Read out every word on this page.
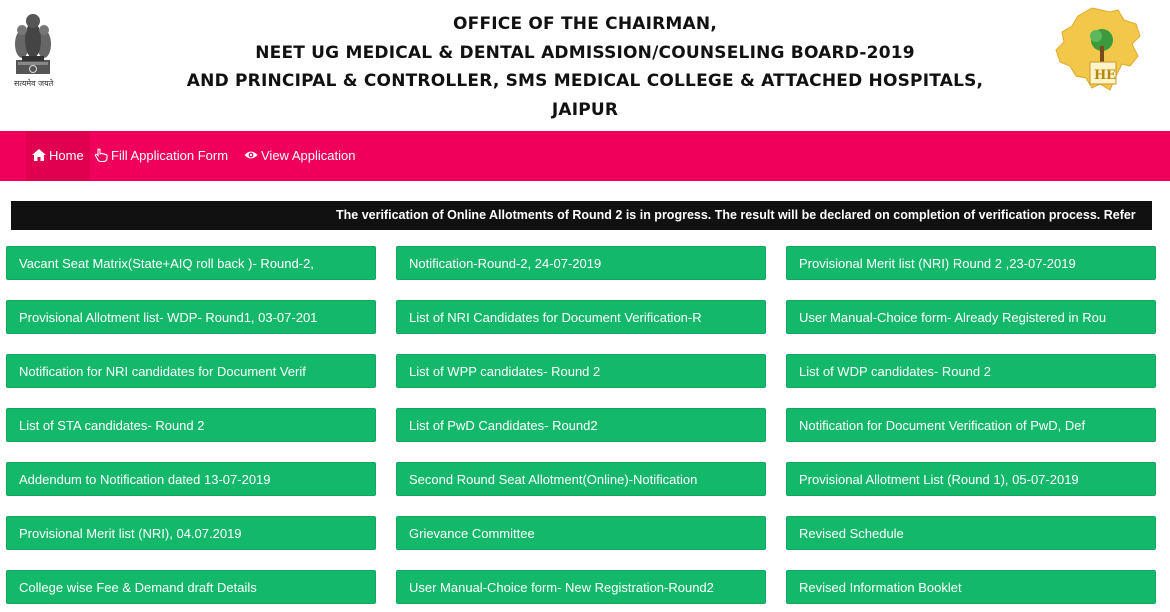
सत्यमेव जयते
OFFICE OF THE CHAIRMAN,
NEET UG MEDICAL & DENTAL ADMISSION/COUNSELING BOARD-2019
AND PRINCIPAL & CONTROLLER, SMS MEDICAL COLLEGE & ATTACHED HOSPITALS,
JAIPUR
H E
Home	Fill Application Form	View Application
The verification of Online Allotments of Round 2 is in progress. The result will be declared on completion of verification process. Refer
Vacant Seat Matrix(State+AIQ roll back )- Round-2,
Provisional Allotment list- WDP- Round1, 03-07-201
Notification for NRI candidates for Document Verif
List of STA candidates- Round 2
Addendum to Notification dated 13-07-2019
Provisional Merit list (NRI), 04.07.2019
College wise Fee & Demand draft Details
Notification-Round-2, 24-07-2019
List of NRI Candidates for Document Verification-R
List of WPP candidates- Round 2
List of PwD Candidates- Round2
Second Round Seat Allotment(Online)-Notification
Grievance Committee
User Manual-Choice form- New Registration-Round2
Provisional Merit list (NRI) Round 2 ,23-07-2019
User Manual-Choice form- Already Registered in Rou
List of WDP candidates- Round 2
Notification for Document Verification of PwD, Def
Provisional Allotment List (Round 1), 05-07-2019
Revised Schedule
Revised Information Booklet
